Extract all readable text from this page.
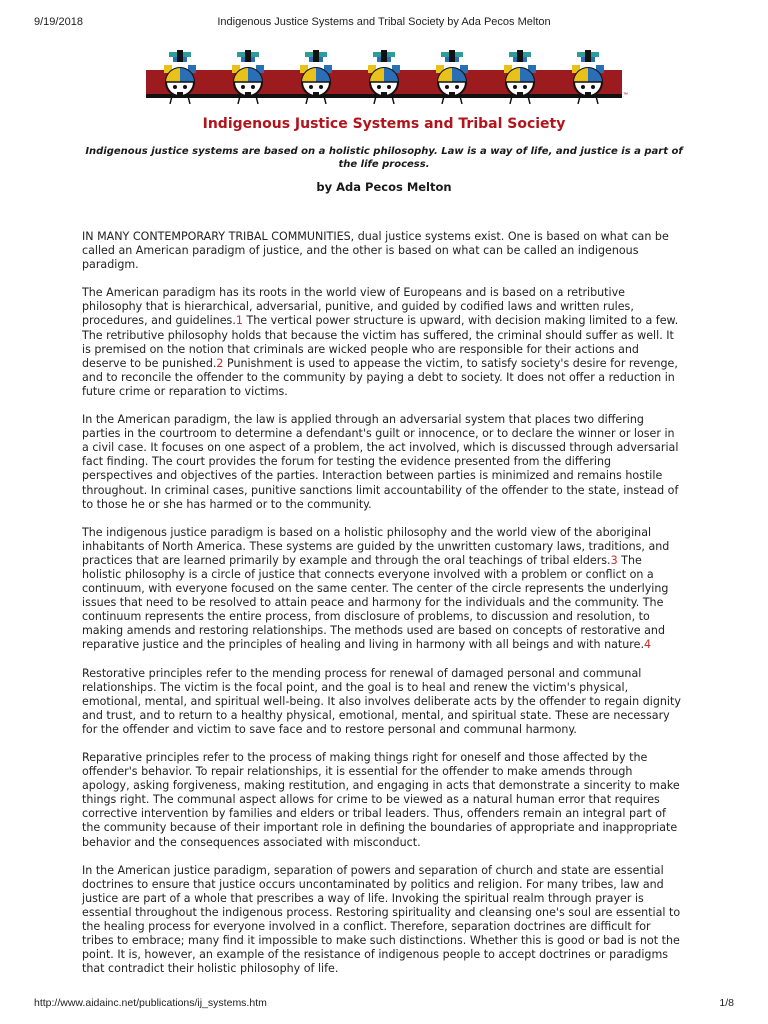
9/19/2018	Indigenous Justice Systems and Tribal Society by Ada Pecos Melton
™
Indigenous Justice Systems and Tribal Society

Indigenous justice systems are based on a holistic philosophy. Law is a way of life, and justice is a part of the life process.

by Ada Pecos Melton

IN MANY CONTEMPORARY TRIBAL COMMUNITIES, dual justice systems exist. One is based on what can be called an American paradigm of justice, and the other is based on what can be called an indigenous paradigm.

The American paradigm has its roots in the world view of Europeans and is based on a retributive philosophy that is hierarchical, adversarial, punitive, and guided by codified laws and written rules, procedures, and guidelines.1 The vertical power structure is upward, with decision making limited to a few. The retributive philosophy holds that because the victim has suffered, the criminal should suffer as well. It is premised on the notion that criminals are wicked people who are responsible for their actions and deserve to be punished.2 Punishment is used to appease the victim, to satisfy society's desire for revenge, and to reconcile the offender to the community by paying a debt to society. It does not offer a reduction in future crime or reparation to victims.

In the American paradigm, the law is applied through an adversarial system that places two differing parties in the courtroom to determine a defendant's guilt or innocence, or to declare the winner or loser in a civil case. It focuses on one aspect of a problem, the act involved, which is discussed through adversarial fact finding. The court provides the forum for testing the evidence presented from the differing perspectives and objectives of the parties. Interaction between parties is minimized and remains hostile throughout. In criminal cases, punitive sanctions limit accountability of the offender to the state, instead of to those he or she has harmed or to the community.

The indigenous justice paradigm is based on a holistic philosophy and the world view of the aboriginal inhabitants of North America. These systems are guided by the unwritten customary laws, traditions, and practices that are learned primarily by example and through the oral teachings of tribal elders.3 The holistic philosophy is a circle of justice that connects everyone involved with a problem or conflict on a continuum, with everyone focused on the same center. The center of the circle represents the underlying issues that need to be resolved to attain peace and harmony for the individuals and the community. The continuum represents the entire process, from disclosure of problems, to discussion and resolution, to making amends and restoring relationships. The methods used are based on concepts of restorative and reparative justice and the principles of healing and living in harmony with all beings and with nature.4

Restorative principles refer to the mending process for renewal of damaged personal and communal relationships. The victim is the focal point, and the goal is to heal and renew the victim's physical, emotional, mental, and spiritual well-being. It also involves deliberate acts by the offender to regain dignity and trust, and to return to a healthy physical, emotional, mental, and spiritual state. These are necessary for the offender and victim to save face and to restore personal and communal harmony.

Reparative principles refer to the process of making things right for oneself and those affected by the offender's behavior. To repair relationships, it is essential for the offender to make amends through apology, asking forgiveness, making restitution, and engaging in acts that demonstrate a sincerity to make things right. The communal aspect allows for crime to be viewed as a natural human error that requires corrective intervention by families and elders or tribal leaders. Thus, offenders remain an integral part of the community because of their important role in defining the boundaries of appropriate and inappropriate behavior and the consequences associated with misconduct.

In the American justice paradigm, separation of powers and separation of church and state are essential doctrines to ensure that justice occurs uncontaminated by politics and religion. For many tribes, law and justice are part of a whole that prescribes a way of life. Invoking the spiritual realm through prayer is essential throughout the indigenous process. Restoring spirituality and cleansing one's soul are essential to the healing process for everyone involved in a conflict. Therefore, separation doctrines are difficult for tribes to embrace; many find it impossible to make such distinctions. Whether this is good or bad is not the point. It is, however, an example of the resistance of indigenous people to accept doctrines or paradigms that contradict their holistic philosophy of life.

http://www.aidainc.net/publications/ij_systems.htm	1/8
